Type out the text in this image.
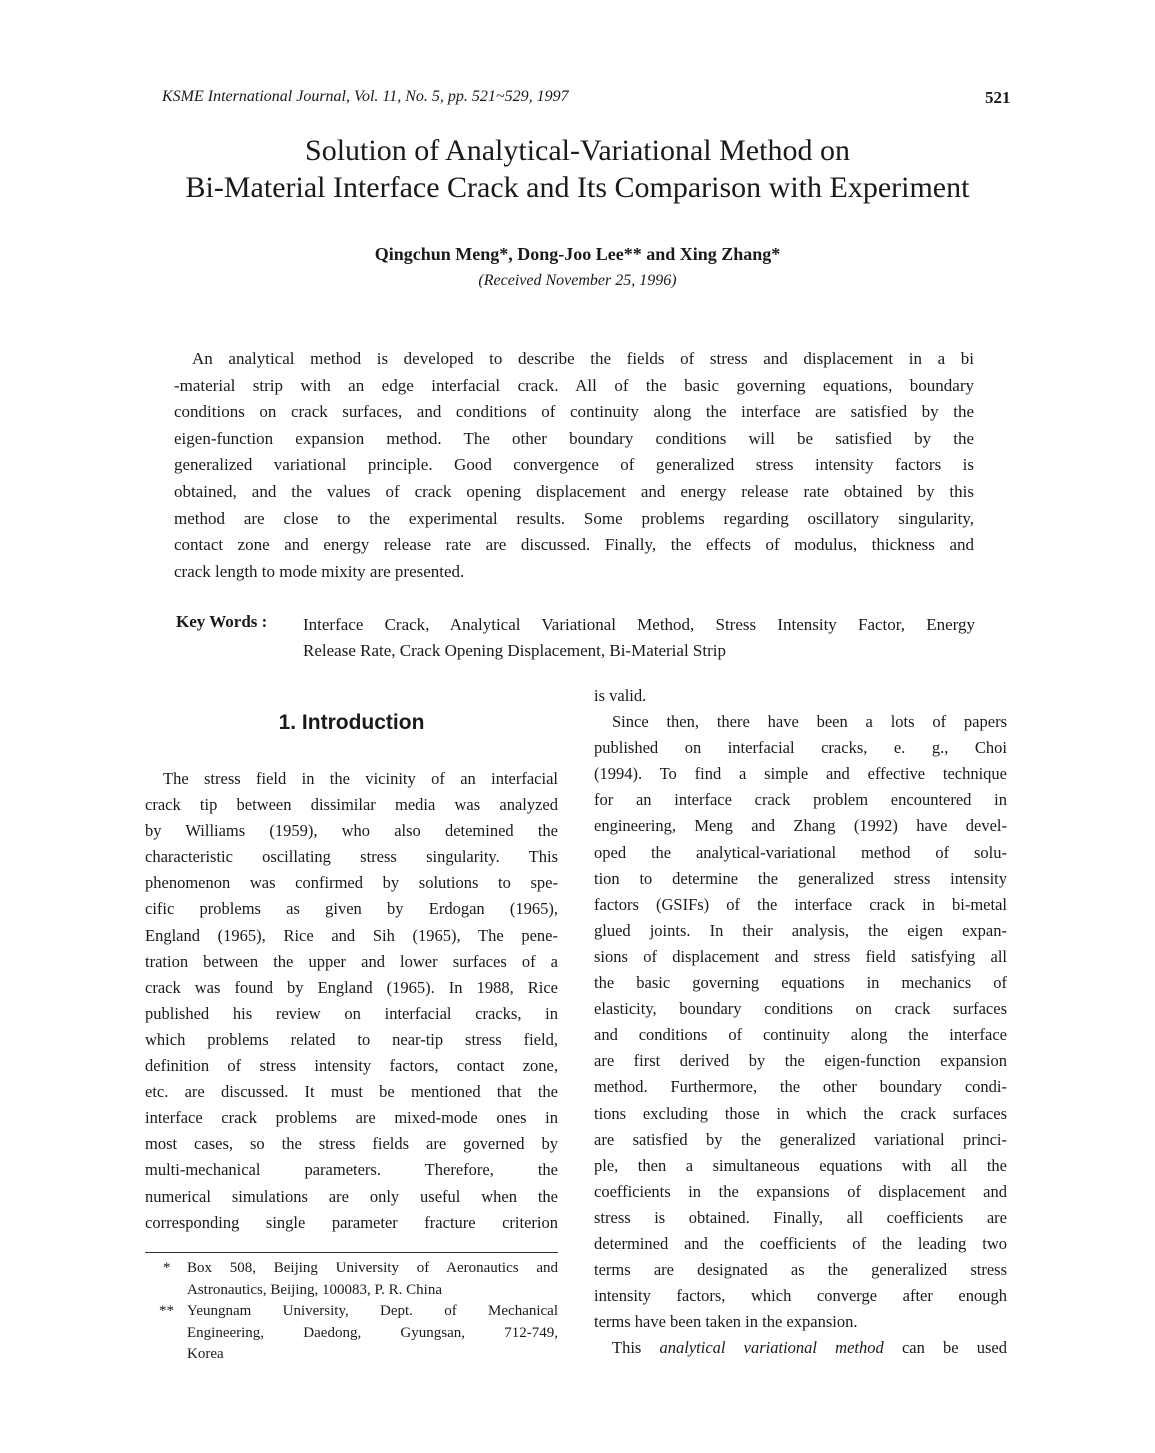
KSME International Journal, Vol. 11, No. 5, pp. 521~529, 1997	521
Solution of Analytical-Variational Method on
Bi-Material Interface Crack and Its Comparison with Experiment
Qingchun Meng*, Dong-Joo Lee** and Xing Zhang*
(Received November 25, 1996)
An analytical method is developed to describe the fields of stress and displacement in a bi
-material strip with an edge interfacial crack. All of the basic governing equations, boundary
conditions on crack surfaces, and conditions of continuity along the interface are satisfied by the
eigen-function expansion method. The other boundary conditions will be satisfied by the
generalized variational principle. Good convergence of generalized stress intensity factors is
obtained, and the values of crack opening displacement and energy release rate obtained by this
method are close to the experimental results. Some problems regarding oscillatory singularity,
contact zone and energy release rate are discussed. Finally, the effects of modulus, thickness and
crack length to mode mixity are presented.
Key Words : Interface Crack, Analytical Variational Method, Stress Intensity Factor, Energy
Release Rate, Crack Opening Displacement, Bi-Material Strip
1. Introduction
The stress field in the vicinity of an interfacial
crack tip between dissimilar media was analyzed
by Williams (1959), who also detemined the
characteristic oscillating stress singularity. This
phenomenon was confirmed by solutions to spe-
cific problems as given by Erdogan (1965),
England (1965), Rice and Sih (1965), The pene-
tration between the upper and lower surfaces of a
crack was found by England (1965). In 1988, Rice
published his review on interfacial cracks, in
which problems related to near-tip stress field,
definition of stress intensity factors, contact zone,
etc. are discussed. It must be mentioned that the
interface crack problems are mixed-mode ones in
most cases, so the stress fields are governed by
multi-mechanical parameters. Therefore, the
numerical simulations are only useful when the
corresponding single parameter fracture criterion
* Box 508, Beijing University of Aeronautics and
Astronautics, Beijing, 100083, P. R. China
** Yeungnam University, Dept. of Mechanical
Engineering, Daedong, Gyungsan, 712-749,
Korea
is valid.
Since then, there have been a lots of papers
published on interfacial cracks, e. g., Choi
(1994). To find a simple and effective technique
for an interface crack problem encountered in
engineering, Meng and Zhang (1992) have devel-
oped the analytical-variational method of solu-
tion to determine the generalized stress intensity
factors (GSIFs) of the interface crack in bi-metal
glued joints. In their analysis, the eigen expan-
sions of displacement and stress field satisfying all
the basic governing equations in mechanics of
elasticity, boundary conditions on crack surfaces
and conditions of continuity along the interface
are first derived by the eigen-function expansion
method. Furthermore, the other boundary condi-
tions excluding those in which the crack surfaces
are satisfied by the generalized variational princi-
ple, then a simultaneous equations with all the
coefficients in the expansions of displacement and
stress is obtained. Finally, all coefficients are
determined and the coefficients of the leading two
terms are designated as the generalized stress
intensity factors, which converge after enough
terms have been taken in the expansion.
This analytical variational method can be used
